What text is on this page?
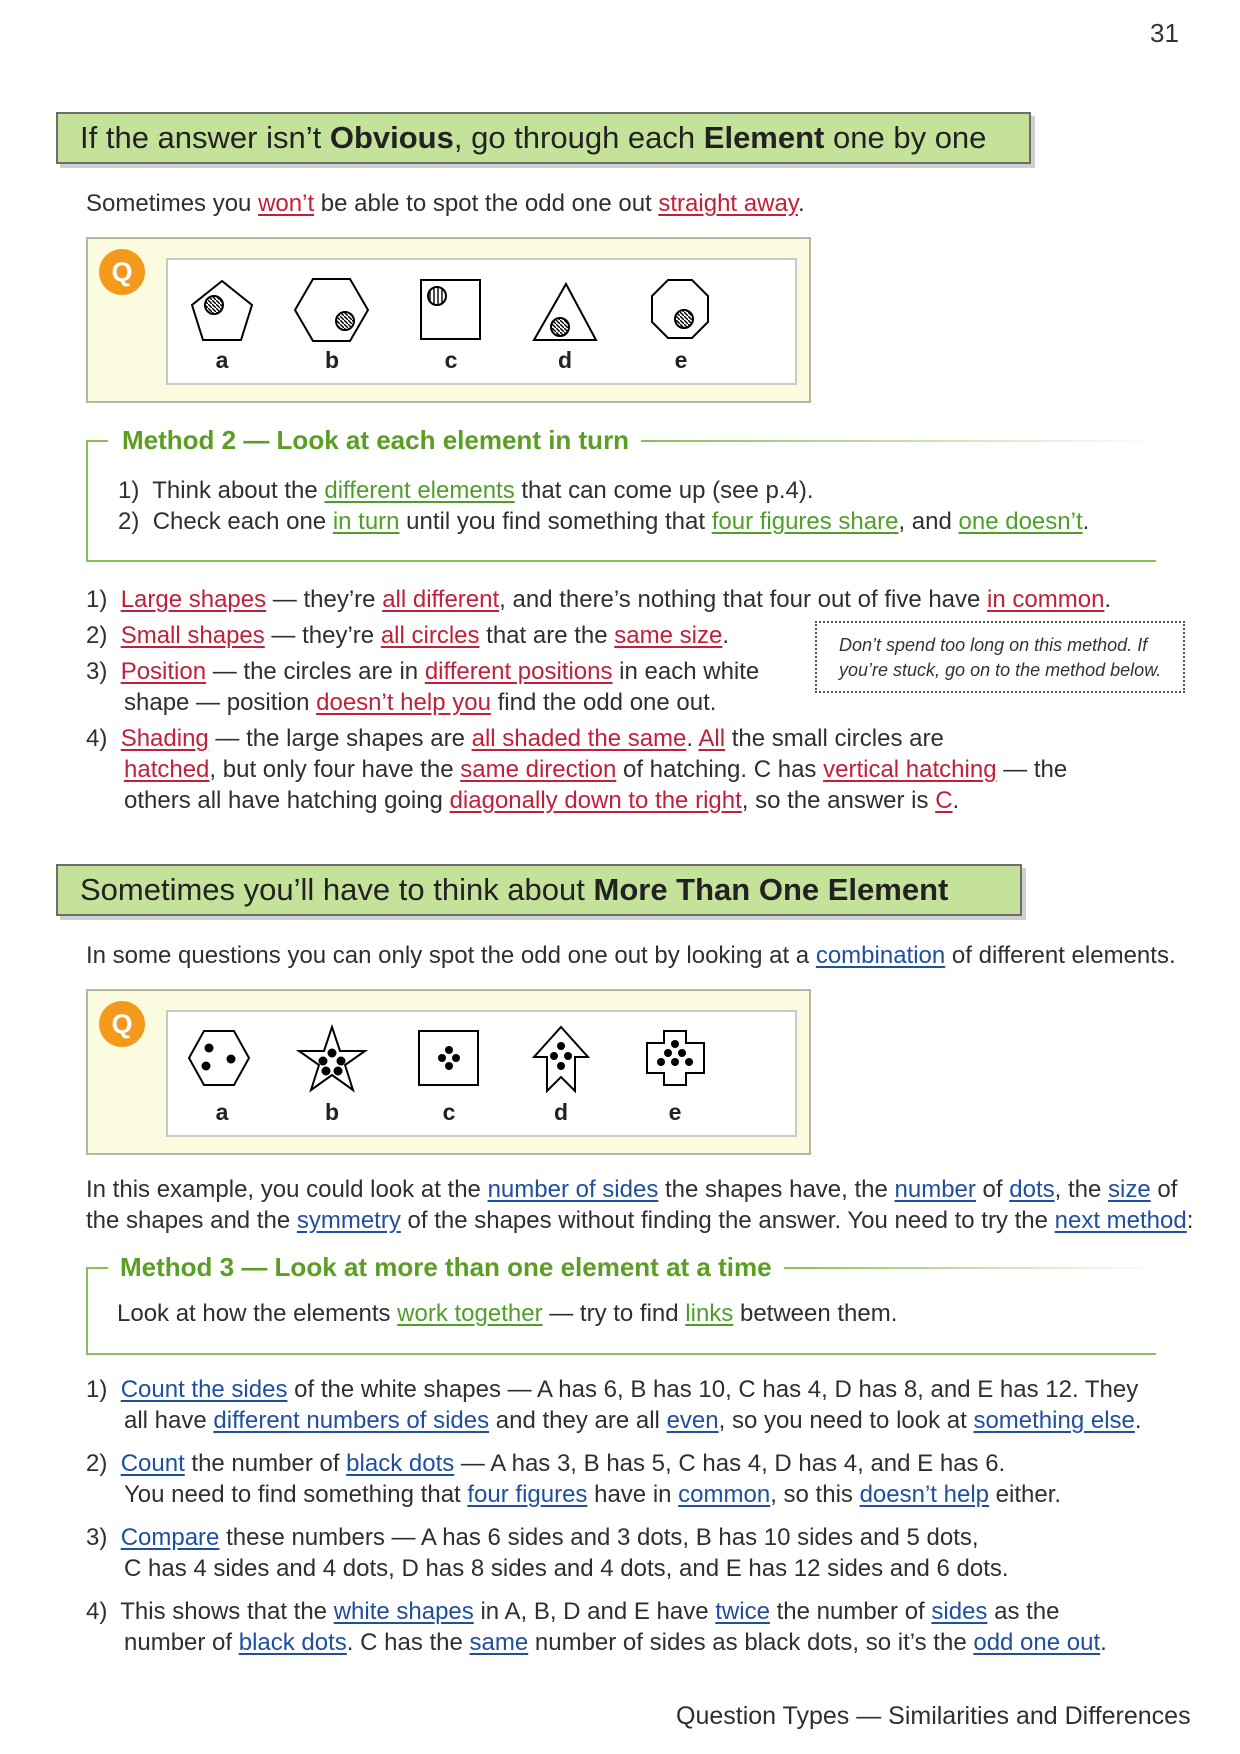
31
If the answer isn’t Obvious, go through each Element one by one
Sometimes you won’t be able to spot the odd one out straight away.
Q
a	b	c	d	e
Method 2 — Look at each element in turn
1) Think about the different elements that can come up (see p.4).
2) Check each one in turn until you find something that four figures share, and one doesn’t.
1) Large shapes — they’re all different, and there’s nothing that four out of five have in common.
2) Small shapes — they’re all circles that are the same size.
3) Position — the circles are in different positions in each white
shape — position doesn’t help you find the odd one out.
4) Shading — the large shapes are all shaded the same. All the small circles are
hatched, but only four have the same direction of hatching. C has vertical hatching — the
others all have hatching going diagonally down to the right, so the answer is C.
Don’t spend too long on this method. If
you’re stuck, go on to the method below.
Sometimes you’ll have to think about More Than One Element
In some questions you can only spot the odd one out by looking at a combination of different elements.
Q
a	b	c	d	e
In this example, you could look at the number of sides the shapes have, the number of dots, the size of
the shapes and the symmetry of the shapes without finding the answer. You need to try the next method:
Method 3 — Look at more than one element at a time
Look at how the elements work together — try to find links between them.
1) Count the sides of the white shapes — A has 6, B has 10, C has 4, D has 8, and E has 12. They
all have different numbers of sides and they are all even, so you need to look at something else.
2) Count the number of black dots — A has 3, B has 5, C has 4, D has 4, and E has 6.
You need to find something that four figures have in common, so this doesn’t help either.
3) Compare these numbers — A has 6 sides and 3 dots, B has 10 sides and 5 dots,
C has 4 sides and 4 dots, D has 8 sides and 4 dots, and E has 12 sides and 6 dots.
4) This shows that the white shapes in A, B, D and E have twice the number of sides as the
number of black dots. C has the same number of sides as black dots, so it’s the odd one out.
Question Types — Similarities and Differences
